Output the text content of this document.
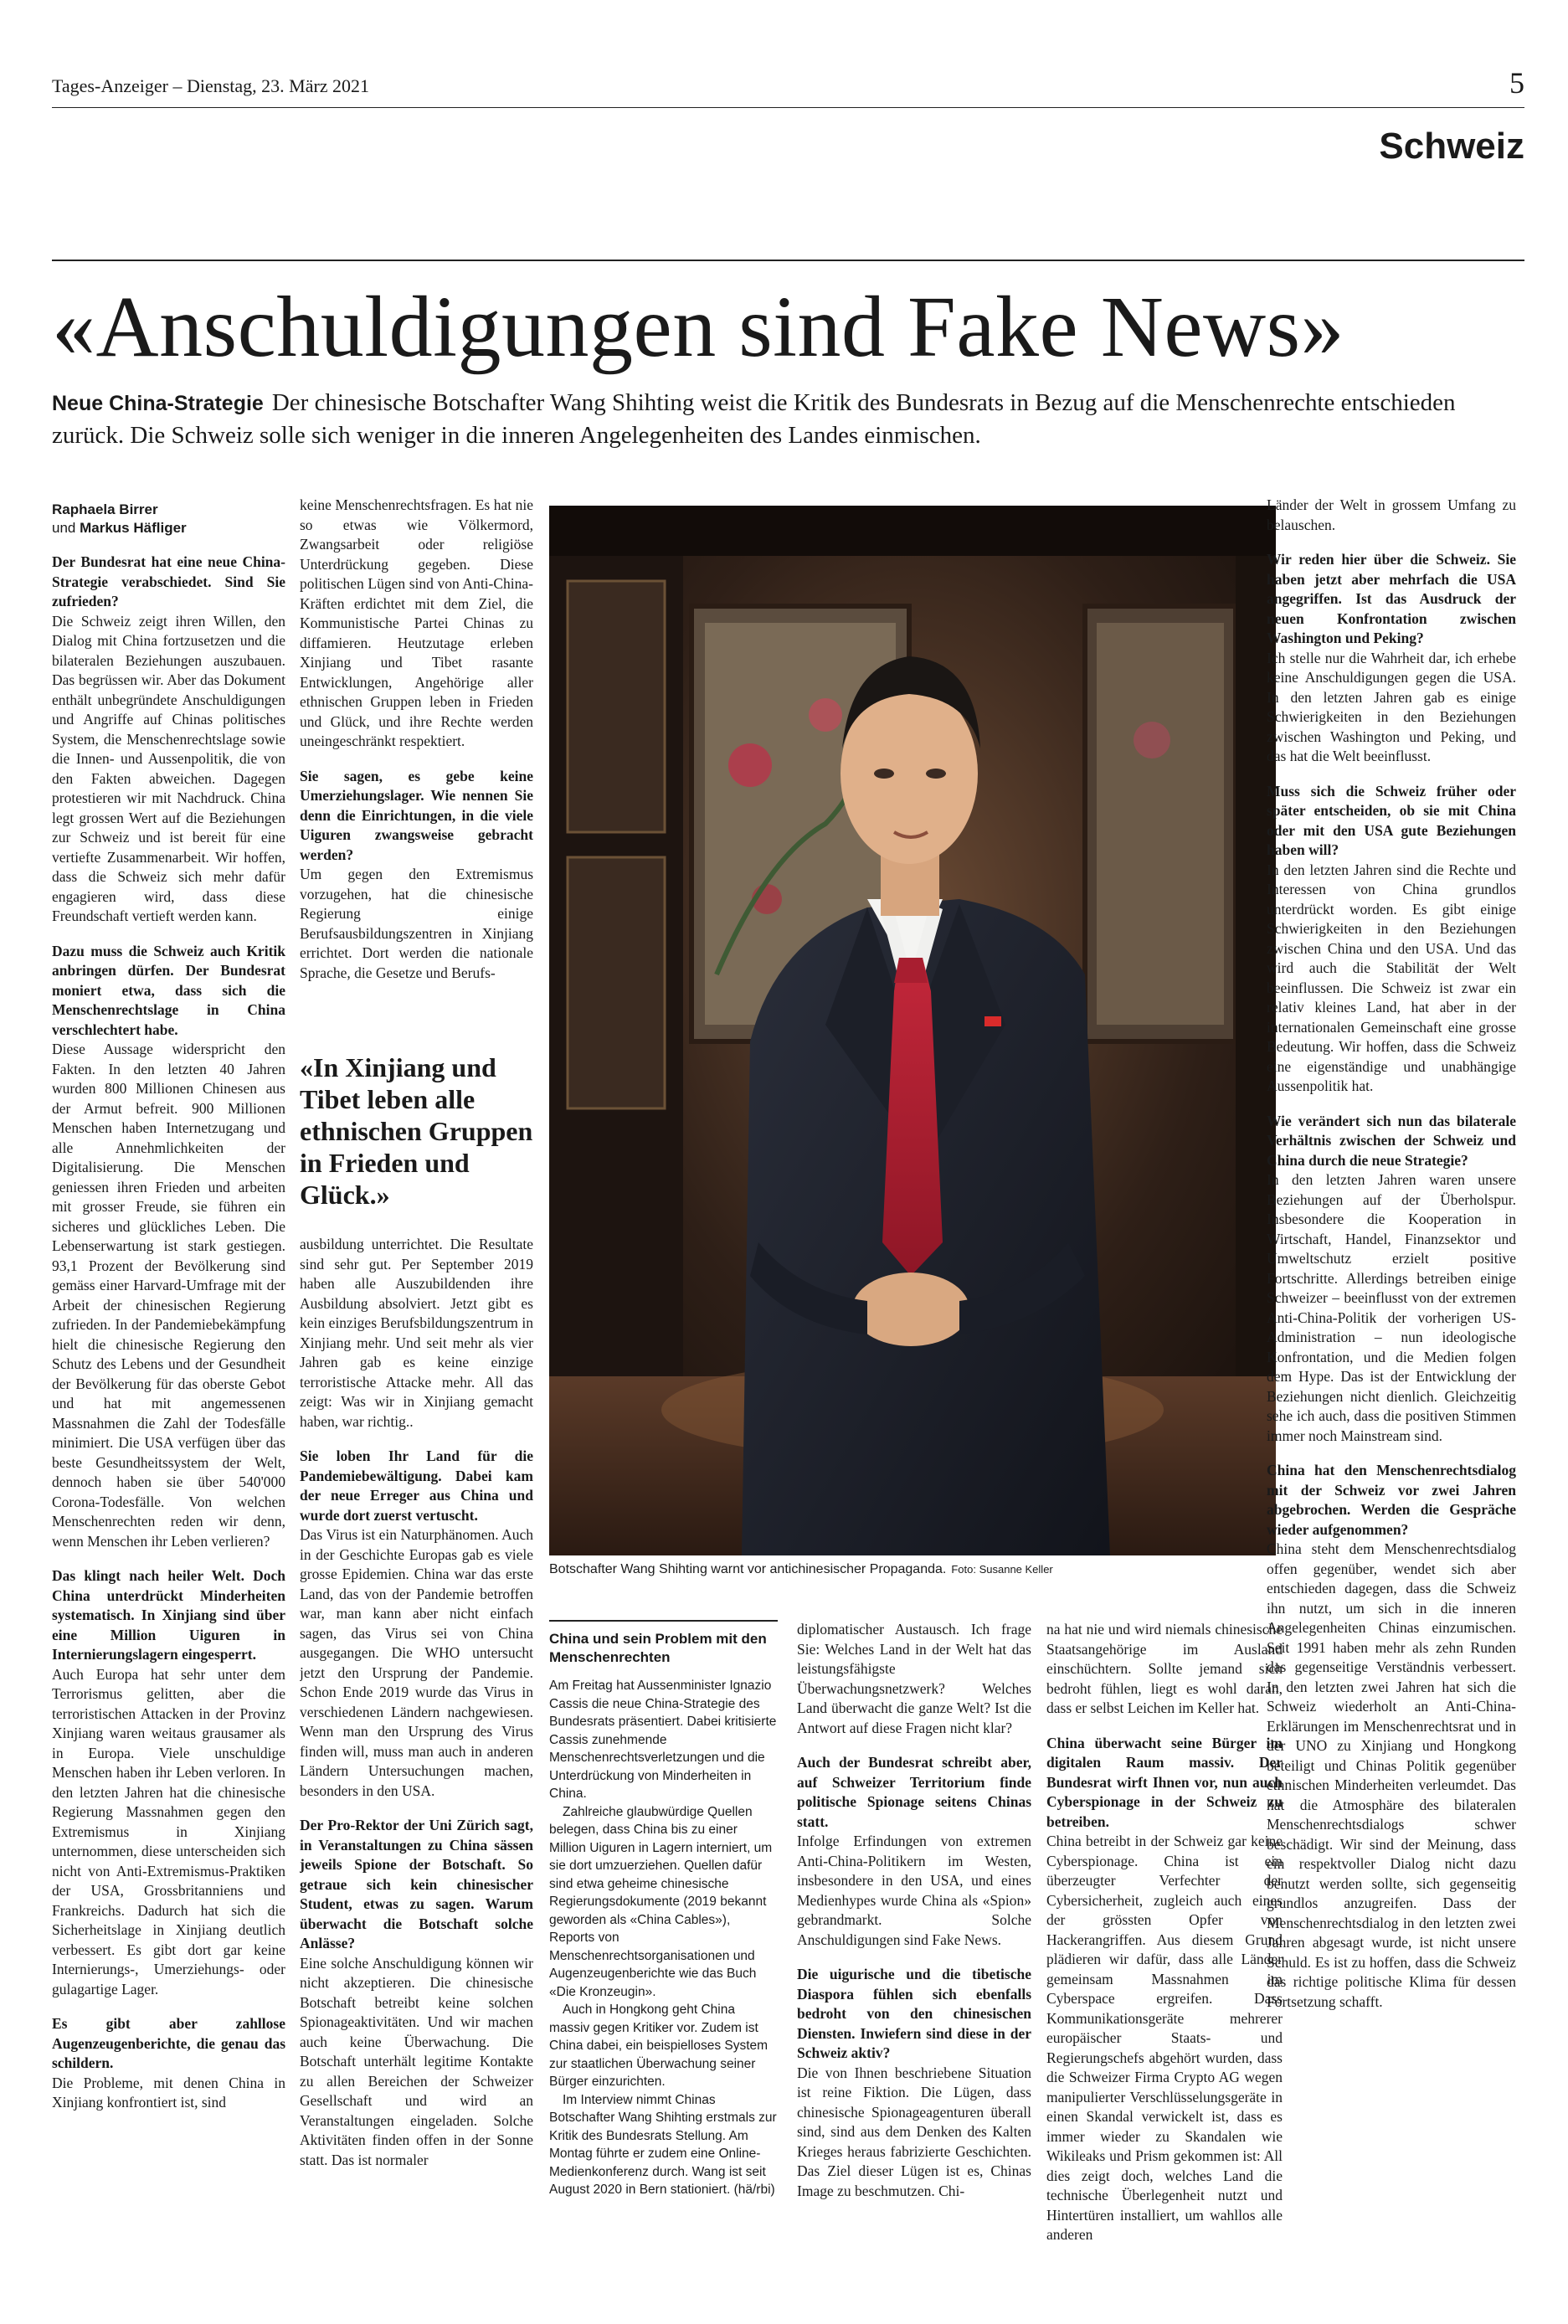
Tages-Anzeiger – Dienstag, 23. März 2021	5
Schweiz
«Anschuldigungen sind Fake News»
Neue China-Strategie Der chinesische Botschafter Wang Shihting weist die Kritik des Bundesrats in Bezug auf die Menschenrechte entschieden zurück. Die Schweiz solle sich weniger in die inneren Angelegenheiten des Landes einmischen.
Raphaela Birrer
und Markus Häfliger

Der Bundesrat hat eine neue China-Strategie verabschiedet. Sind Sie zufrieden?

Die Schweiz zeigt ihren Willen, den Dialog mit China fortzusetzen und die bilateralen Beziehungen auszubauen. Das begrüssen wir. Aber das Dokument enthält unbegründete Anschuldigungen und Angriffe auf Chinas politisches System, die Menschenrechtslage sowie die Innen- und Aussenpolitik, die von den Fakten abweichen. Dagegen protestieren wir mit Nachdruck. China legt grossen Wert auf die Beziehungen zur Schweiz und ist bereit für eine vertiefte Zusammenarbeit. Wir hoffen, dass die Schweiz sich mehr dafür engagieren wird, dass diese Freundschaft vertieft werden kann.

Dazu muss die Schweiz auch Kritik anbringen dürfen. Der Bundesrat moniert etwa, dass sich die Menschenrechtslage in China verschlechtert habe.

Diese Aussage widerspricht den Fakten. In den letzten 40 Jahren wurden 800 Millionen Chinesen aus der Armut befreit. 900 Millionen Menschen haben Internetzugang und alle Annehmlichkeiten der Digitalisierung. Die Menschen geniessen ihren Frieden und arbeiten mit grosser Freude, sie führen ein sicheres und glückliches Leben. Die Lebenserwartung ist stark gestiegen. 93,1 Prozent der Bevölkerung sind gemäss einer Harvard-Umfrage mit der Arbeit der chinesischen Regierung zufrieden. In der Pandemiebekämpfung hielt die chinesische Regierung den Schutz des Lebens und der Gesundheit der Bevölkerung für das oberste Gebot und hat mit angemessenen Massnahmen die Zahl der Todesfälle minimiert. Die USA verfügen über das beste Gesundheitssystem der Welt, dennoch haben sie über 540'000 Corona-Todesfälle. Von welchen Menschenrechten reden wir denn, wenn Menschen ihr Leben verlieren?

Das klingt nach heiler Welt. Doch China unterdrückt Minderheiten systematisch. In Xinjiang sind über eine Million Uiguren in Internierungslagern eingesperrt.

Auch Europa hat sehr unter dem Terrorismus gelitten, aber die terroristischen Attacken in der Provinz Xinjiang waren weitaus grausamer als in Europa. Viele unschuldige Menschen haben ihr Leben verloren. In den letzten Jahren hat die chinesische Regierung Massnahmen gegen den Extremismus in Xinjiang unternommen, diese unterscheiden sich nicht von Anti-Extremismus-Praktiken der USA, Grossbritanniens und Frankreichs. Dadurch hat sich die Sicherheitslage in Xinjiang deutlich verbessert. Es gibt dort gar keine Internierungs-, Umerziehungs- oder gulagartige Lager.

Es gibt aber zahllose Augenzeugenberichte, die genau das schildern.

Die Probleme, mit denen China in Xinjiang konfrontiert ist, sind

keine Menschenrechtsfragen. Es hat nie so etwas wie Völkermord, Zwangsarbeit oder religiöse Unterdrückung gegeben. Diese politischen Lügen sind von Anti-China-Kräften erdichtet mit dem Ziel, die Kommunistische Partei Chinas zu diffamieren. Heutzutage erleben Xinjiang und Tibet rasante Entwicklungen, Angehörige aller ethnischen Gruppen leben in Frieden und Glück, und ihre Rechte werden uneingeschränkt respektiert.

Sie sagen, es gebe keine Umerziehungslager. Wie nennen Sie denn die Einrichtungen, in die viele Uiguren zwangsweise gebracht werden?

Um gegen den Extremismus vorzugehen, hat die chinesische Regierung einige Berufsausbildungszentren in Xinjiang errichtet. Dort werden die nationale Sprache, die Gesetze und Berufs-

«In Xinjiang und Tibet leben alle ethnischen Gruppen in Frieden und Glück.»

ausbildung unterrichtet. Die Resultate sind sehr gut. Per September 2019 haben alle Auszubildenden ihre Ausbildung absolviert. Jetzt gibt es kein einziges Berufsbildungszentrum in Xinjiang mehr. Und seit mehr als vier Jahren gab es keine einzige terroristische Attacke mehr. All das zeigt: Was wir in Xinjiang gemacht haben, war richtig..

Sie loben Ihr Land für die Pandemiebewältigung. Dabei kam der neue Erreger aus China und wurde dort zuerst vertuscht.

Das Virus ist ein Naturphänomen. Auch in der Geschichte Europas gab es viele grosse Epidemien. China war das erste Land, das von der Pandemie betroffen war, man kann aber nicht einfach sagen, das Virus sei von China ausgegangen. Die WHO untersucht jetzt den Ursprung der Pandemie. Schon Ende 2019 wurde das Virus in verschiedenen Ländern nachgewiesen. Wenn man den Ursprung des Virus finden will, muss man auch in anderen Ländern Untersuchungen machen, besonders in den USA.

Der Pro-Rektor der Uni Zürich sagt, in Veranstaltungen zu China sässen jeweils Spione der Botschaft. So getraue sich kein chinesischer Student, etwas zu sagen. Warum überwacht die Botschaft solche Anlässe?

Eine solche Anschuldigung können wir nicht akzeptieren. Die chinesische Botschaft betreibt keine solchen Spionageaktivitäten. Und wir machen auch keine Überwachung. Die Botschaft unterhält legitime Kontakte zu allen Bereichen der Schweizer Gesellschaft und wird an Veranstaltungen eingeladen. Solche Aktivitäten finden offen in der Sonne statt. Das ist normaler

Botschafter Wang Shihting warnt vor antichinesischer Propaganda. Foto: Susanne Keller
China und sein Problem mit den Menschenrechten

Am Freitag hat Aussenminister Ignazio Cassis die neue China-Strategie des Bundesrats präsentiert. Dabei kritisierte Cassis zunehmende Menschenrechtsverletzungen und die Unterdrückung von Minderheiten in China.

Zahlreiche glaubwürdige Quellen belegen, dass China bis zu einer Million Uiguren in Lagern interniert, um sie dort umzuerziehen. Quellen dafür sind etwa geheime chinesische Regierungsdokumente (2019 bekannt geworden als «China Cables»), Reports von Menschenrechtsorganisationen und Augenzeugenberichte wie das Buch «Die Kronzeugin».

Auch in Hongkong geht China massiv gegen Kritiker vor. Zudem ist China dabei, ein beispielloses System zur staatlichen Überwachung seiner Bürger einzurichten.

Im Interview nimmt Chinas Botschafter Wang Shihting erstmals zur Kritik des Bundesrats Stellung. Am Montag führte er zudem eine Online-Medienkonferenz durch. Wang ist seit August 2020 in Bern stationiert. (hä/rbi)

diplomatischer Austausch. Ich frage Sie: Welches Land in der Welt hat das leistungsfähigste Überwachungsnetzwerk? Welches Land überwacht die ganze Welt? Ist die Antwort auf diese Fragen nicht klar?

Auch der Bundesrat schreibt aber, auf Schweizer Territorium finde politische Spionage seitens Chinas statt.

Infolge Erfindungen von extremen Anti-China-Politikern im Westen, insbesondere in den USA, und eines Medienhypes wurde China als «Spion» gebrandmarkt. Solche Anschuldigungen sind Fake News.

Die uigurische und die tibetische Diaspora fühlen sich ebenfalls bedroht von den chinesischen Diensten. Inwiefern sind diese in der Schweiz aktiv?

Die von Ihnen beschriebene Situation ist reine Fiktion. Die Lügen, dass chinesische Spionageagenturen überall sind, sind aus dem Denken des Kalten Krieges heraus fabrizierte Geschichten. Das Ziel dieser Lügen ist es, Chinas Image zu beschmutzen. Chi-

na hat nie und wird niemals chinesische Staatsangehörige im Ausland einschüchtern. Sollte jemand sich bedroht fühlen, liegt es wohl daran, dass er selbst Leichen im Keller hat.

China überwacht seine Bürger im digitalen Raum massiv. Der Bundesrat wirft Ihnen vor, nun auch Cyberspionage in der Schweiz zu betreiben.

China betreibt in der Schweiz gar keine Cyberspionage. China ist ein überzeugter Verfechter der Cybersicherheit, zugleich auch eines der grössten Opfer von Hackerangriffen. Aus diesem Grund plädieren wir dafür, dass alle Länder gemeinsam Massnahmen im Cyberspace ergreifen. Dass Kommunikationsgeräte mehrerer europäischer Staats- und Regierungschefs abgehört wurden, dass die Schweizer Firma Crypto AG wegen manipulierter Verschlüsselungsgeräte in einen Skandal verwickelt ist, dass es immer wieder zu Skandalen wie Wikileaks und Prism gekommen ist: All dies zeigt doch, welches Land die technische Überlegenheit nutzt und Hintertüren installiert, um wahllos alle anderen

Länder der Welt in grossem Umfang zu belauschen.

Wir reden hier über die Schweiz. Sie haben jetzt aber mehrfach die USA angegriffen. Ist das Ausdruck der neuen Konfrontation zwischen Washington und Peking?

Ich stelle nur die Wahrheit dar, ich erhebe keine Anschuldigungen gegen die USA. In den letzten Jahren gab es einige Schwierigkeiten in den Beziehungen zwischen Washington und Peking, und das hat die Welt beeinflusst.

Muss sich die Schweiz früher oder später entscheiden, ob sie mit China oder mit den USA gute Beziehungen haben will?

In den letzten Jahren sind die Rechte und Interessen von China grundlos unterdrückt worden. Es gibt einige Schwierigkeiten in den Beziehungen zwischen China und den USA. Und das wird auch die Stabilität der Welt beeinflussen. Die Schweiz ist zwar ein relativ kleines Land, hat aber in der internationalen Gemeinschaft eine grosse Bedeutung. Wir hoffen, dass die Schweiz eine eigenständige und unabhängige Aussenpolitik hat.

Wie verändert sich nun das bilaterale Verhältnis zwischen der Schweiz und China durch die neue Strategie?

In den letzten Jahren waren unsere Beziehungen auf der Überholspur. Insbesondere die Kooperation in Wirtschaft, Handel, Finanzsektor und Umweltschutz erzielt positive Fortschritte. Allerdings betreiben einige Schweizer – beeinflusst von der extremen Anti-China-Politik der vorherigen US-Administration – nun ideologische Konfrontation, und die Medien folgen dem Hype. Das ist der Entwicklung der Beziehungen nicht dienlich. Gleichzeitig sehe ich auch, dass die positiven Stimmen immer noch Mainstream sind.

China hat den Menschenrechtsdialog mit der Schweiz vor zwei Jahren abgebrochen. Werden die Gespräche wieder aufgenommen?

China steht dem Menschenrechtsdialog offen gegenüber, wendet sich aber entschieden dagegen, dass die Schweiz ihn nutzt, um sich in die inneren Angelegenheiten Chinas einzumischen. Seit 1991 haben mehr als zehn Runden das gegenseitige Verständnis verbessert. In den letzten zwei Jahren hat sich die Schweiz wiederholt an Anti-China-Erklärungen im Menschenrechtsrat und in der UNO zu Xinjiang und Hongkong beteiligt und Chinas Politik gegenüber ethnischen Minderheiten verleumdet. Das hat die Atmosphäre des bilateralen Menschenrechtsdialogs schwer beschädigt. Wir sind der Meinung, dass ein respektvoller Dialog nicht dazu benutzt werden sollte, sich gegenseitig grundlos anzugreifen. Dass der Menschenrechtsdialog in den letzten zwei Jahren abgesagt wurde, ist nicht unsere Schuld. Es ist zu hoffen, dass die Schweiz das richtige politische Klima für dessen Fortsetzung schafft.
